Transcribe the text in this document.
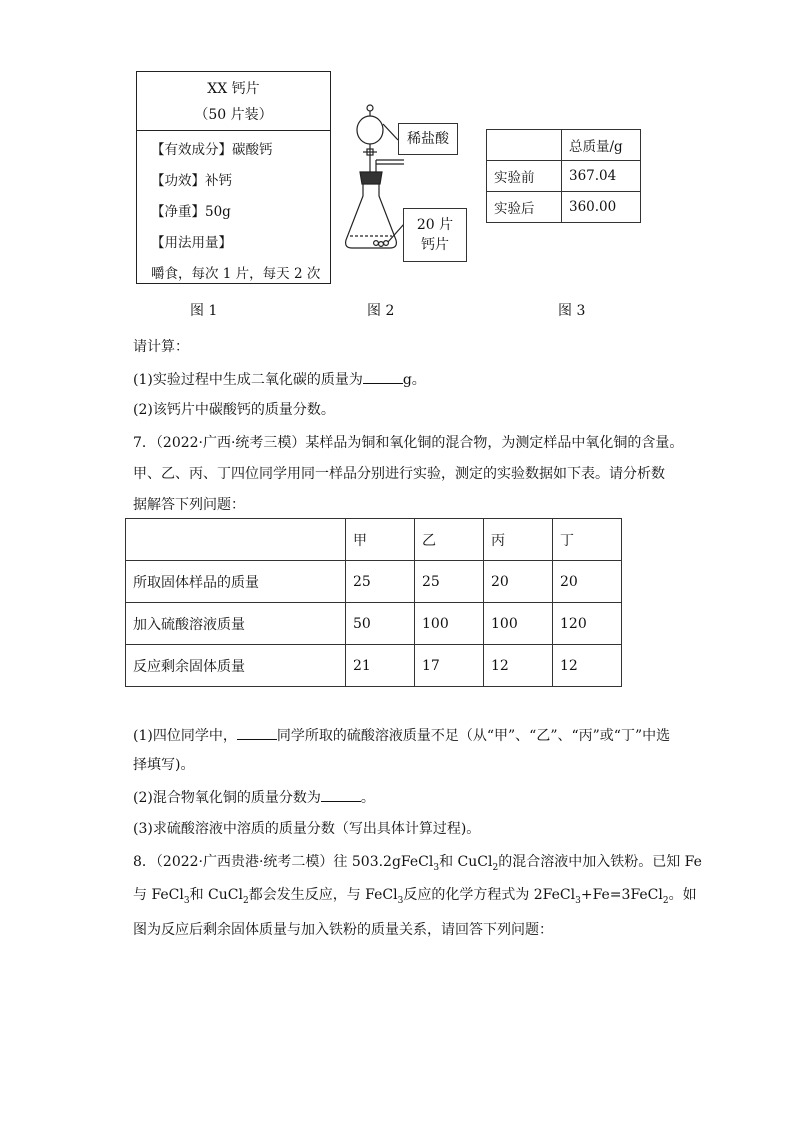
XX 钙片
（50 片装）
【有效成分】碳酸钙
【功效】补钙
【净重】50g
【用法用量】
嚼食，每次 1 片，每天 2 次
稀盐酸
20 片
钙片
	总质量/g
实验前	367.04
实验后	360.00
图 1	图 2	图 3
请计算：
(1)实验过程中生成二氧化碳的质量为	g。
(2)该钙片中碳酸钙的质量分数。
7．（2022·广西·统考三模）某样品为铜和氧化铜的混合物，为测定样品中氧化铜的含量。
甲、乙、丙、丁四位同学用同一样品分别进行实验，测定的实验数据如下表。请分析数
据解答下列问题：
	甲	乙	丙	丁
所取固体样品的质量	25	25	20	20
加入硫酸溶液质量	50	100	100	120
反应剩余固体质量	21	17	12	12
(1)四位同学中，	同学所取的硫酸溶液质量不足（从“甲”、“乙”、“丙”或“丁”中选
择填写)。
(2)混合物氧化铜的质量分数为	。
(3)求硫酸溶液中溶质的质量分数（写出具体计算过程)。
8．（2022·广西贵港·统考二模）往 503.2gFeCl$_3$和 CuCl$_2$的混合溶液中加入铁粉。已知 Fe
与 FeCl$_3$和 CuCl$_2$都会发生反应，与 FeCl$_3$反应的化学方程式为 2FeCl$_3$+Fe=3FeCl$_2$。如
图为反应后剩余固体质量与加入铁粉的质量关系，请回答下列问题：
